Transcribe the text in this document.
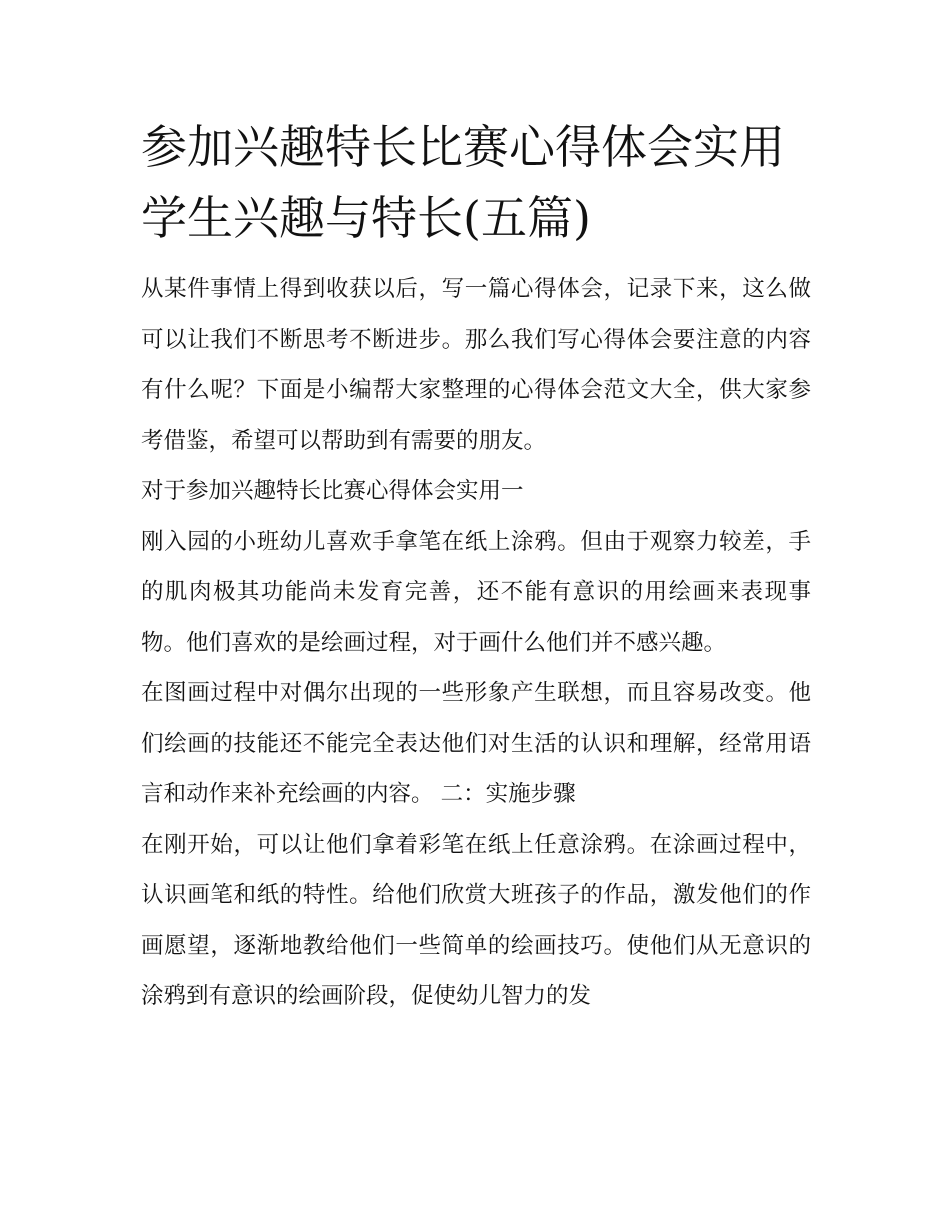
参加兴趣特长比赛心得体会实用 学生兴趣与特长(五篇)

从某件事情上得到收获以后，写一篇心得体会，记录下来，这么做可以让我们不断思考不断进步。那么我们写心得体会要注意的内容有什么呢？下面是小编帮大家整理的心得体会范文大全，供大家参考借鉴，希望可以帮助到有需要的朋友。

对于参加兴趣特长比赛心得体会实用一

刚入园的小班幼儿喜欢手拿笔在纸上涂鸦。但由于观察力较差，手的肌肉极其功能尚未发育完善，还不能有意识的用绘画来表现事物。他们喜欢的是绘画过程，对于画什么他们并不感兴趣。

在图画过程中对偶尔出现的一些形象产生联想，而且容易改变。他们绘画的技能还不能完全表达他们对生活的认识和理解，经常用语言和动作来补充绘画的内容。 二：实施步骤

在刚开始，可以让他们拿着彩笔在纸上任意涂鸦。在涂画过程中，认识画笔和纸的特性。给他们欣赏大班孩子的作品，激发他们的作画愿望，逐渐地教给他们一些简单的绘画技巧。使他们从无意识的涂鸦到有意识的绘画阶段，促使幼儿智力的发
